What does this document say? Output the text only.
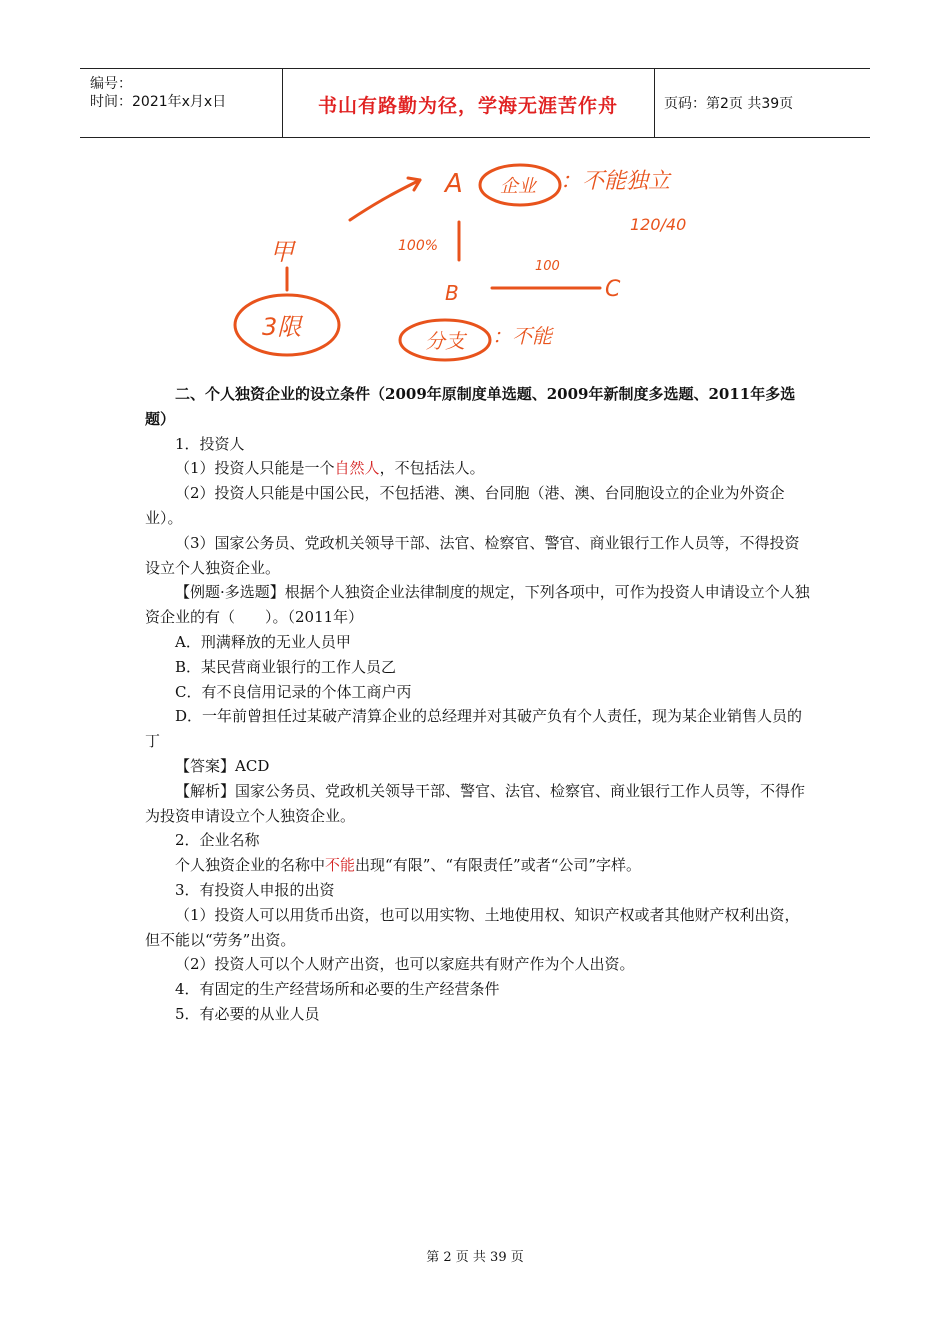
编号：
时间：2021年x月x日	书山有路勤为径，学海无涯苦作舟	页码：第2页 共39页
A
B	C
甲
3限
企业 ：不能独立
120/40
100%
100
分支 ：不能

二、个人独资企业的设立条件（2009年原制度单选题、2009年新制度多选题、2011年多选题）

1．投资人

（1）投资人只能是一个自然人，不包括法人。

（2）投资人只能是中国公民，不包括港、澳、台同胞（港、澳、台同胞设立的企业为外资企业）。

（3）国家公务员、党政机关领导干部、法官、检察官、警官、商业银行工作人员等，不得投资设立个人独资企业。

【例题·多选题】根据个人独资企业法律制度的规定，下列各项中，可作为投资人申请设立个人独资企业的有（　　）。（2011年）

A．刑满释放的无业人员甲

B．某民营商业银行的工作人员乙

C．有不良信用记录的个体工商户丙

D．一年前曾担任过某破产清算企业的总经理并对其破产负有个人责任，现为某企业销售人员的丁

【答案】ACD

【解析】国家公务员、党政机关领导干部、警官、法官、检察官、商业银行工作人员等，不得作为投资申请设立个人独资企业。

2．企业名称

个人独资企业的名称中不能出现“有限”、“有限责任”或者“公司”字样。

3．有投资人申报的出资

（1）投资人可以用货币出资，也可以用实物、土地使用权、知识产权或者其他财产权利出资，但不能以“劳务”出资。

（2）投资人可以个人财产出资，也可以家庭共有财产作为个人出资。

4．有固定的生产经营场所和必要的生产经营条件

5．有必要的从业人员

第 2 页 共 39 页
